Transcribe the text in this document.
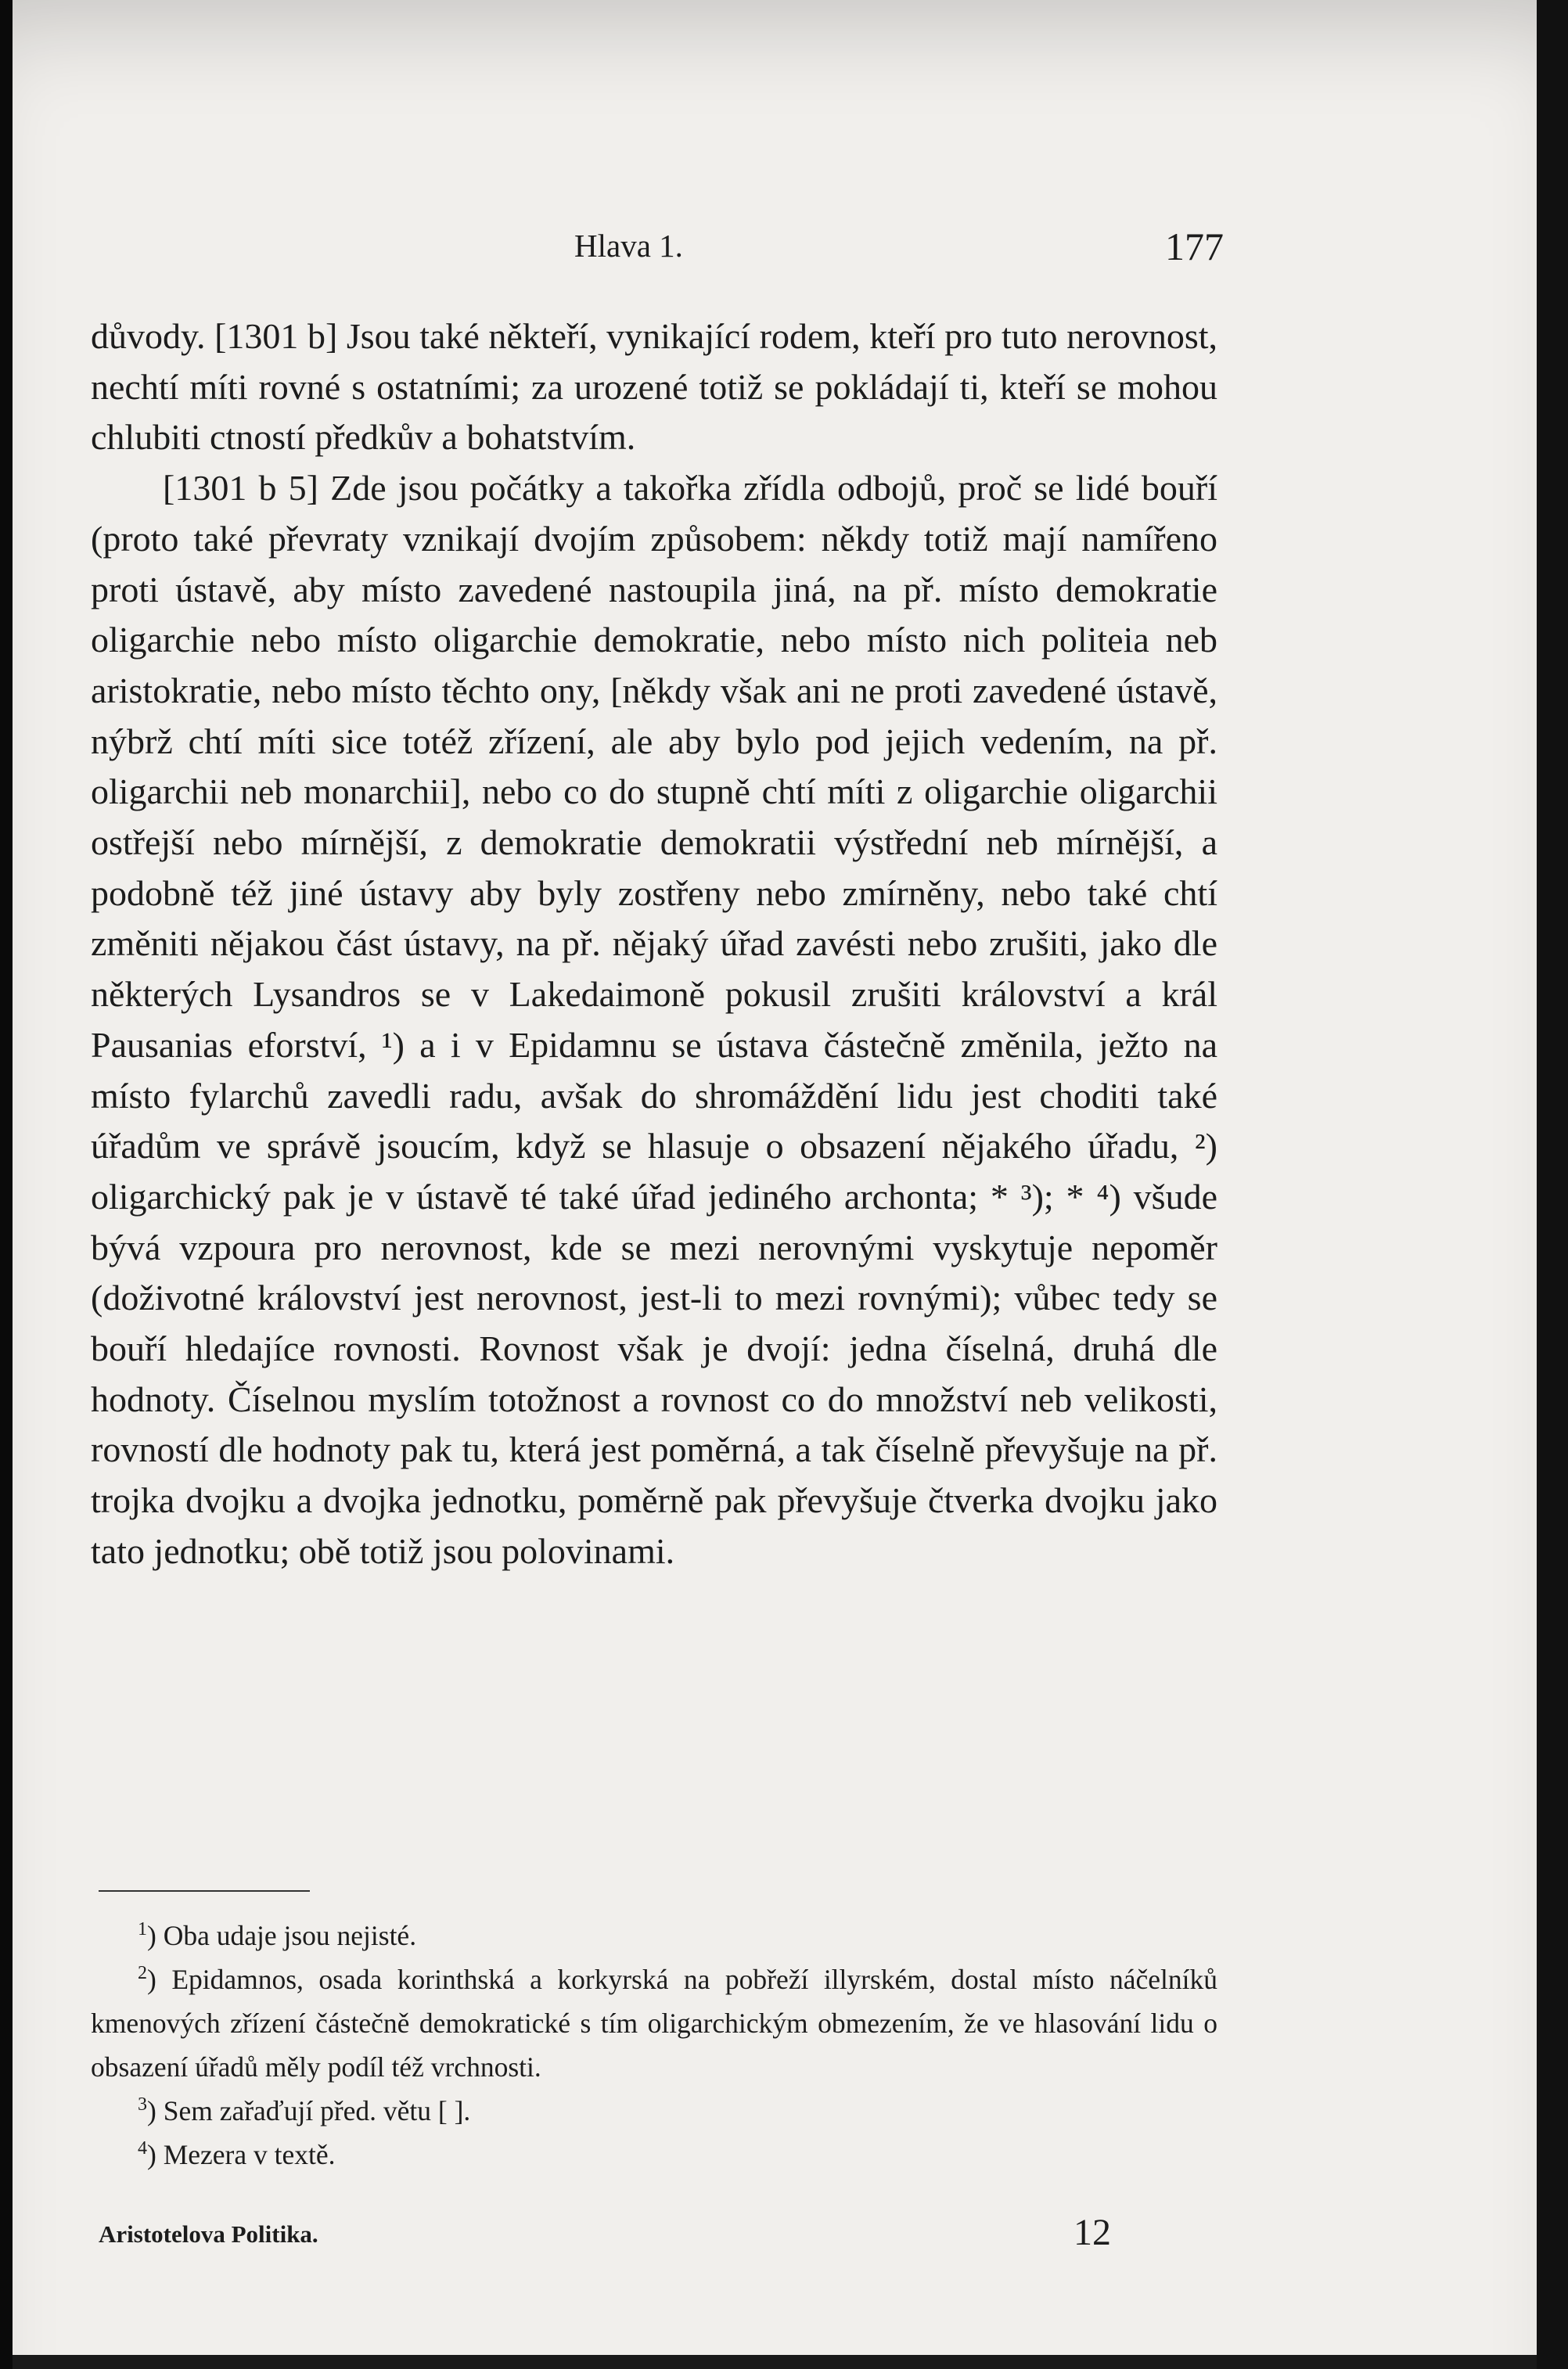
Hlava 1.	177

důvody. [1301 b] Jsou také někteří, vynikající rodem, kteří pro tuto nerovnost, nechtí míti rovné s ostatními; za urozené totiž se pokládají ti, kteří se mohou chlubiti ctností předkův a bohatstvím.

[1301 b 5] Zde jsou počátky a takořka zřídla odbojů, proč se lidé bouří (proto také převraty vznikají dvojím způsobem: někdy totiž mají namířeno proti ústavě, aby místo zavedené nastoupila jiná, na př. místo demokratie oligarchie nebo místo oligarchie demokratie, nebo místo nich politeia neb aristokratie, nebo místo těchto ony, [někdy však ani ne proti zavedené ústavě, nýbrž chtí míti sice totéž zřízení, ale aby bylo pod jejich vedením, na př. oligarchii neb monarchii], nebo co do stupně chtí míti z oligarchie oligarchii ostřejší nebo mírnější, z demokratie demokratii výstřední neb mírnější, a podobně též jiné ústavy aby byly zostřeny nebo zmírněny, nebo také chtí změniti nějakou část ústavy, na př. nějaký úřad zavésti nebo zrušiti, jako dle některých Lysandros se v Lakedaimoně pokusil zrušiti království a král Pausanias eforství, ¹) a i v Epidamnu se ústava částečně změnila, ježto na místo fylarchů zavedli radu, avšak do shromáždění lidu jest choditi také úřadům ve správě jsoucím, když se hlasuje o obsazení nějakého úřadu, ²) oligarchický pak je v ústavě té také úřad jediného archonta; * ³); * ⁴) všude bývá vzpoura pro nerovnost, kde se mezi nerovnými vyskytuje nepoměr (doživotné království jest nerovnost, jest-li to mezi rovnými); vůbec tedy se bouří hledajíce rovnosti. Rovnost však je dvojí: jedna číselná, druhá dle hodnoty. Číselnou myslím totožnost a rovnost co do množství neb velikosti, rovností dle hodnoty pak tu, která jest poměrná, a tak číselně převyšuje na př. trojka dvojku a dvojka jednotku, poměrně pak převyšuje čtverka dvojku jako tato jednotku; obě totiž jsou polovinami.

$^1$) Oba udaje jsou nejisté.

$^2$) Epidamnos, osada korinthská a korkyrská na pobřeží illyrském, dostal místo náčelníků kmenových zřízení částečně demokratické s tím oligarchickým obmezením, že ve hlasování lidu o obsazení úřadů měly podíl též vrchnosti.

$^3$) Sem zařaďují před. větu [ ].

$^4$) Mezera v textě.

Aristotelova Politika.	12
